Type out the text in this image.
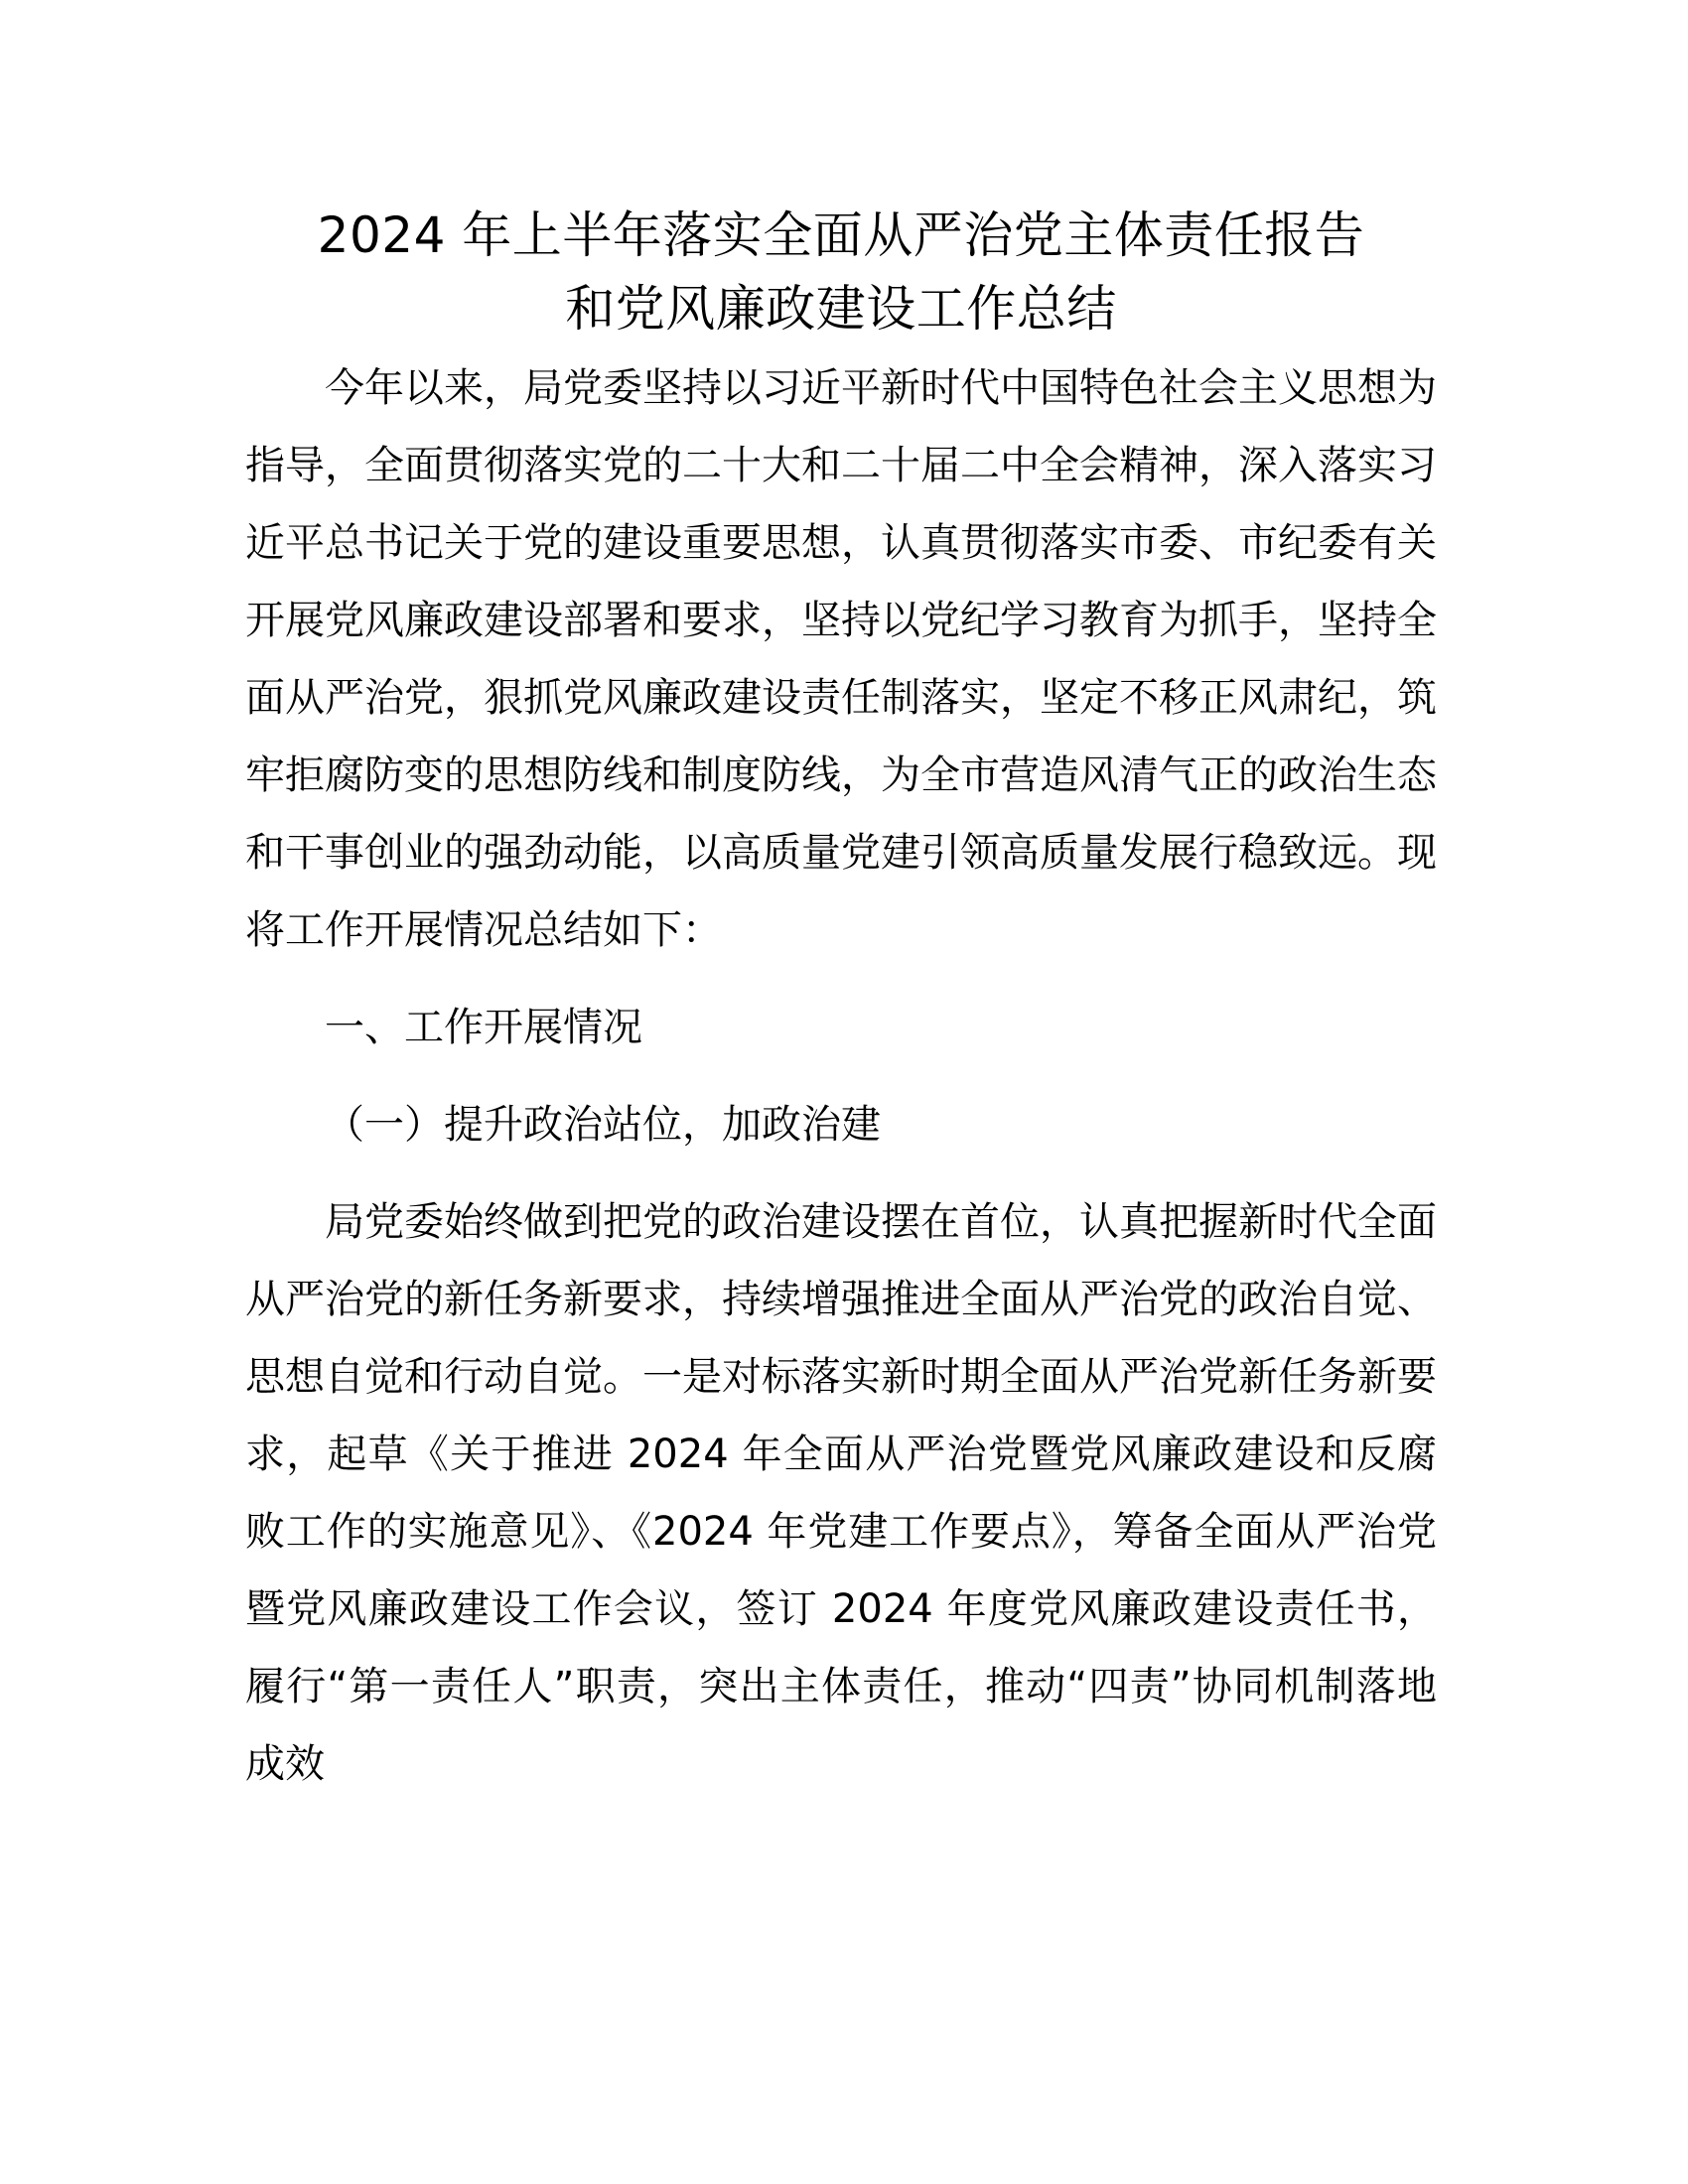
2024 年上半年落实全面从严治党主体责任报告
和党风廉政建设工作总结

今年以来，局党委坚持以习近平新时代中国特色社会主义思想为指导，全面贯彻落实党的二十大和二十届二中全会精神，深入落实习近平总书记关于党的建设重要思想，认真贯彻落实市委、市纪委有关开展党风廉政建设部署和要求，坚持以党纪学习教育为抓手，坚持全面从严治党，狠抓党风廉政建设责任制落实，坚定不移正风肃纪，筑牢拒腐防变的思想防线和制度防线，为全市营造风清气正的政治生态和干事创业的强劲动能，以高质量党建引领高质量发展行稳致远。现将工作开展情况总结如下：

一、工作开展情况

（一）提升政治站位，加政治建

局党委始终做到把党的政治建设摆在首位，认真把握新时代全面从严治党的新任务新要求，持续增强推进全面从严治党的政治自觉、思想自觉和行动自觉。一是对标落实新时期全面从严治党新任务新要求，起草《关于推进 2024 年全面从严治党暨党风廉政建设和反腐败工作的实施意见》、《2024 年党建工作要点》，筹备全面从严治党暨党风廉政建设工作会议，签订 2024 年度党风廉政建设责任书，履行“第一责任人”职责，突出主体责任，推动“四责”协同机制落地成效
